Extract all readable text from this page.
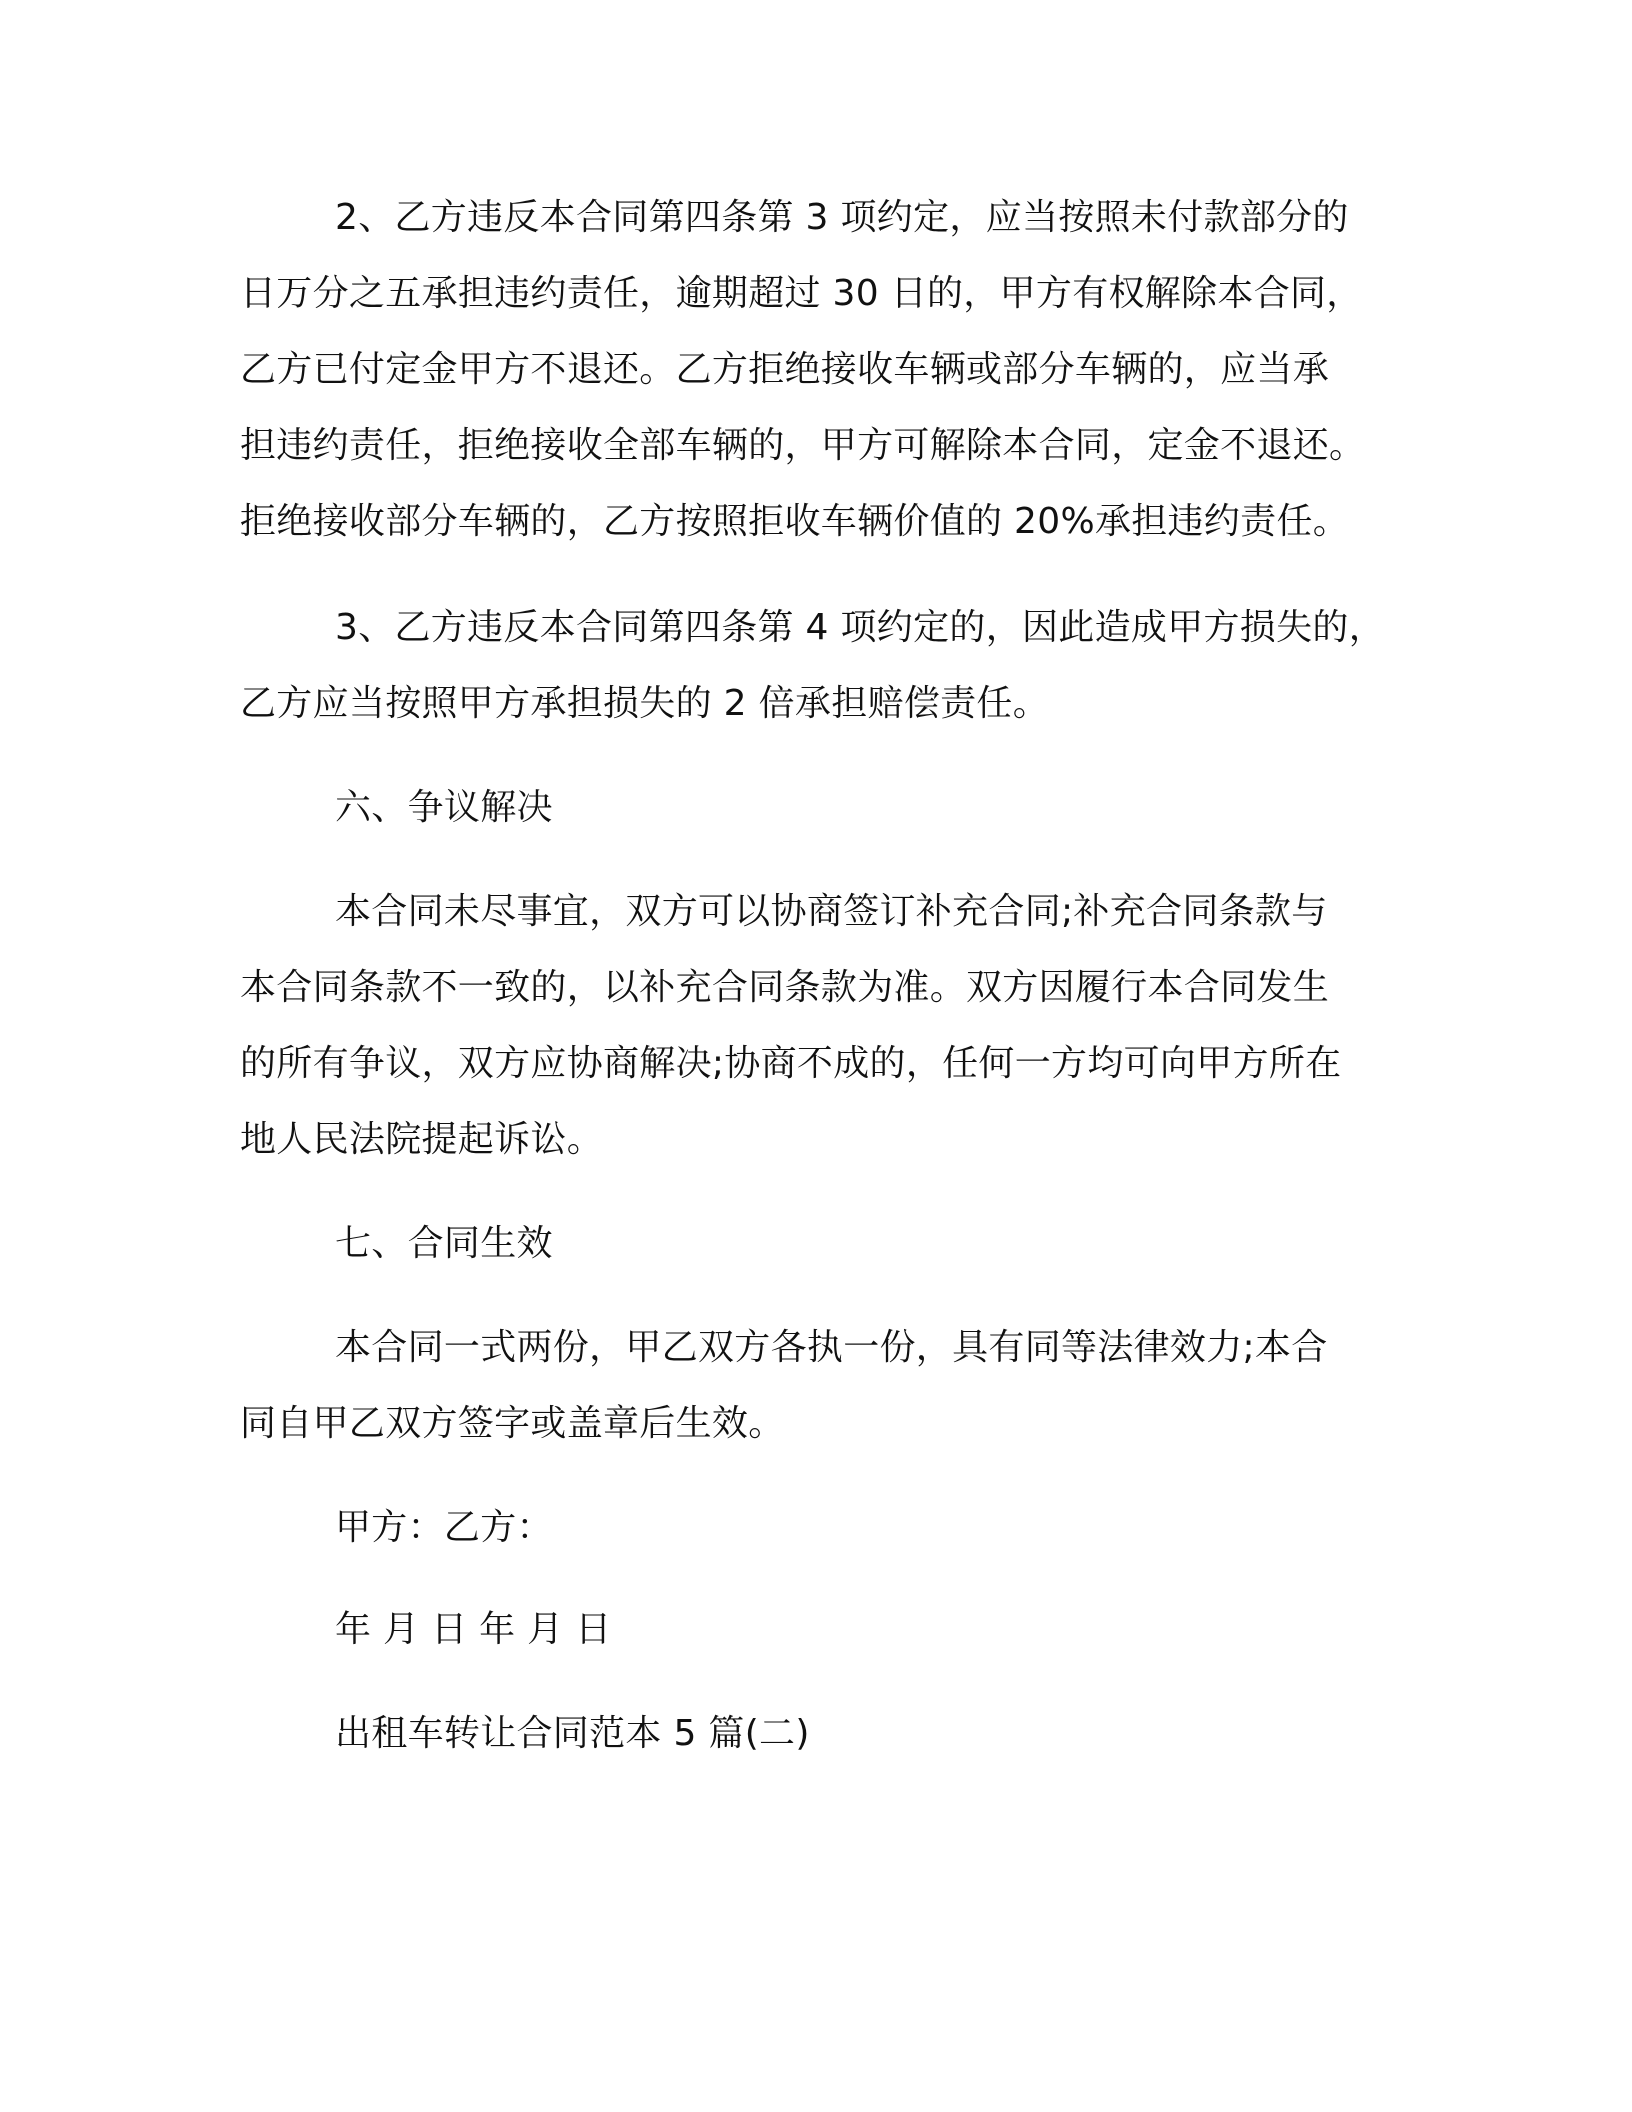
2、乙方违反本合同第四条第 3 项约定，应当按照未付款部分的
日万分之五承担违约责任，逾期超过 30 日的，甲方有权解除本合同，
乙方已付定金甲方不退还。乙方拒绝接收车辆或部分车辆的，应当承
担违约责任，拒绝接收全部车辆的，甲方可解除本合同，定金不退还。
拒绝接收部分车辆的，乙方按照拒收车辆价值的 20%承担违约责任。
3、乙方违反本合同第四条第 4 项约定的，因此造成甲方损失的，
乙方应当按照甲方承担损失的 2 倍承担赔偿责任。
六、争议解决
本合同未尽事宜，双方可以协商签订补充合同;补充合同条款与
本合同条款不一致的，以补充合同条款为准。双方因履行本合同发生
的所有争议，双方应协商解决;协商不成的，任何一方均可向甲方所在
地人民法院提起诉讼。
七、合同生效
本合同一式两份，甲乙双方各执一份，具有同等法律效力;本合
同自甲乙双方签字或盖章后生效。
甲方：乙方：
年 月 日 年 月 日
出租车转让合同范本 5 篇(二)
